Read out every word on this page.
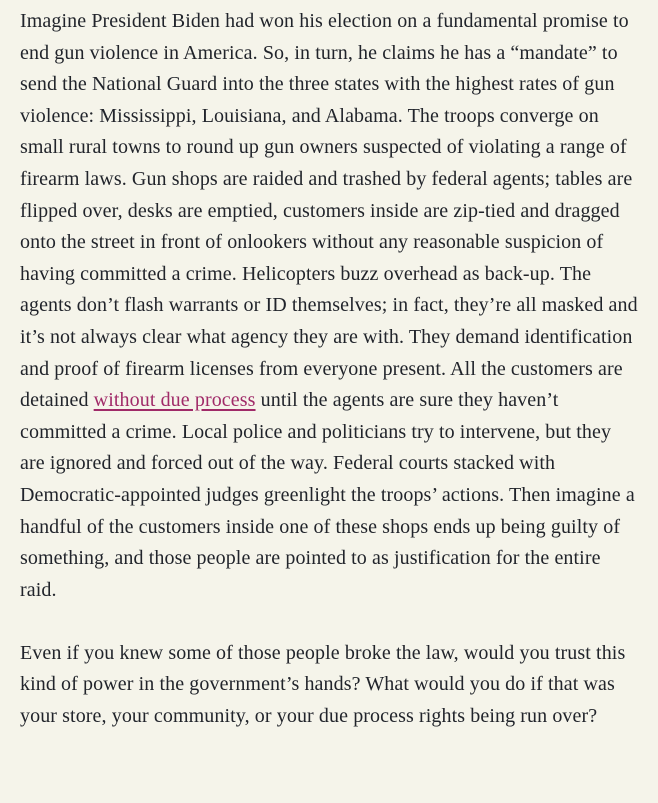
Imagine President Biden had won his election on a fundamental promise to end gun violence in America. So, in turn, he claims he has a “mandate” to send the National Guard into the three states with the highest rates of gun violence: Mississippi, Louisiana, and Alabama. The troops converge on small rural towns to round up gun owners suspected of violating a range of firearm laws. Gun shops are raided and trashed by federal agents; tables are flipped over, desks are emptied, customers inside are zip-tied and dragged onto the street in front of onlookers without any reasonable suspicion of having committed a crime. Helicopters buzz overhead as back-up. The agents don’t flash warrants or ID themselves; in fact, they’re all masked and it’s not always clear what agency they are with. They demand identification and proof of firearm licenses from everyone present. All the customers are detained without due process until the agents are sure they haven’t committed a crime. Local police and politicians try to intervene, but they are ignored and forced out of the way. Federal courts stacked with Democratic-appointed judges greenlight the troops’ actions. Then imagine a handful of the customers inside one of these shops ends up being guilty of something, and those people are pointed to as justification for the entire raid.

Even if you knew some of those people broke the law, would you trust this kind of power in the government’s hands? What would you do if that was your store, your community, or your due process rights being run over?
